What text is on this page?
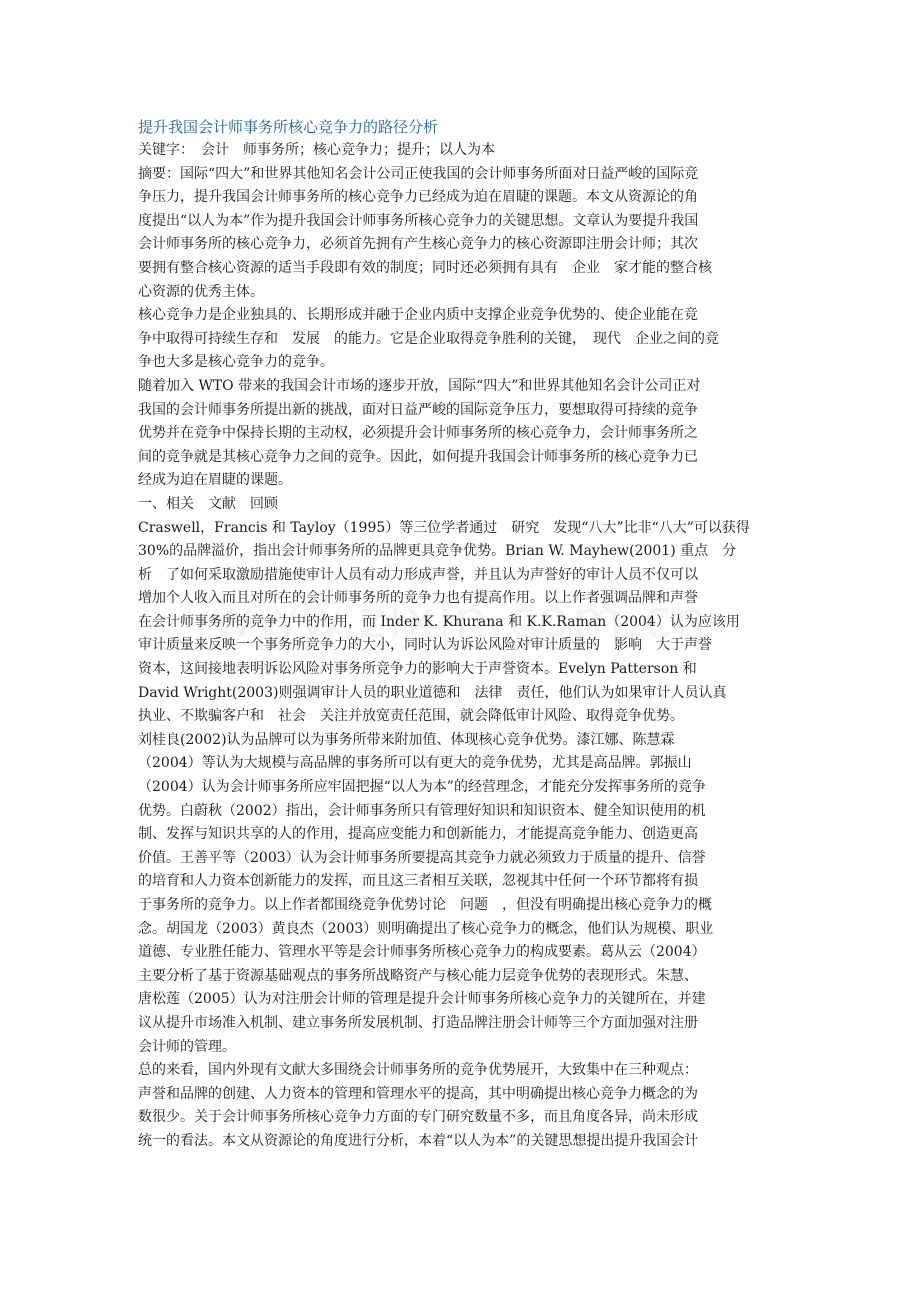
提升我国会计师事务所核心竞争力的路径分析

关键字：　会计　师事务所；核心竞争力；提升；以人为本

摘要：国际“四大”和世界其他知名会计公司正使我国的会计师事务所面对日益严峻的国际竞

争压力，提升我国会计师事务所的核心竞争力已经成为迫在眉睫的课题。本文从资源论的角

度提出“以人为本”作为提升我国会计师事务所核心竞争力的关键思想。文章认为要提升我国

会计师事务所的核心竞争力，必须首先拥有产生核心竞争力的核心资源即注册会计师；其次

要拥有整合核心资源的适当手段即有效的制度；同时还必须拥有具有　企业　家才能的整合核

心资源的优秀主体。

核心竞争力是企业独具的、长期形成并融于企业内质中支撑企业竞争优势的、使企业能在竞

争中取得可持续生存和　发展　的能力。它是企业取得竞争胜利的关键，　现代　企业之间的竞

争也大多是核心竞争力的竞争。

随着加入 WTO 带来的我国会计市场的逐步开放，国际“四大”和世界其他知名会计公司正对

我国的会计师事务所提出新的挑战，面对日益严峻的国际竞争压力，要想取得可持续的竞争

优势并在竞争中保持长期的主动权，必须提升会计师事务所的核心竞争力，会计师事务所之

间的竞争就是其核心竞争力之间的竞争。因此，如何提升我国会计师事务所的核心竞争力已

经成为迫在眉睫的课题。

一、相关　文献　回顾

Craswell，Francis 和 Tayloy（1995）等三位学者通过　研究　发现“八大”比非“八大”可以获得

30%的品牌溢价，指出会计师事务所的品牌更具竞争优势。Brian W. Mayhew(2001) 重点　分

析　了如何采取激励措施使审计人员有动力形成声誉，并且认为声誉好的审计人员不仅可以

增加个人收入而且对所在的会计师事务所的竞争力也有提高作用。以上作者强调品牌和声誉

在会计师事务所的竞争力中的作用，而 Inder K. Khurana 和 K.K.Raman（2004）认为应该用

审计质量来反映一个事务所竞争力的大小，同时认为诉讼风险对审计质量的　影响　大于声誉

资本，这间接地表明诉讼风险对事务所竞争力的影响大于声誉资本。Evelyn Patterson 和

David Wright(2003)则强调审计人员的职业道德和　法律　责任，他们认为如果审计人员认真

执业、不欺骗客户和　社会　关注并放宽责任范围，就会降低审计风险、取得竞争优势。

刘桂良(2002)认为品牌可以为事务所带来附加值、体现核心竞争优势。漆江娜、陈慧霖

（2004）等认为大规模与高品牌的事务所可以有更大的竞争优势，尤其是高品牌。郭振山

（2004）认为会计师事务所应牢固把握“以人为本”的经营理念，才能充分发挥事务所的竞争

优势。白蔚秋（2002）指出，会计师事务所只有管理好知识和知识资本、健全知识使用的机

制、发挥与知识共享的人的作用，提高应变能力和创新能力，才能提高竞争能力、创造更高

价值。王善平等（2003）认为会计师事务所要提高其竞争力就必须致力于质量的提升、信誉

的培育和人力资本创新能力的发挥，而且这三者相互关联，忽视其中任何一个环节都将有损

于事务所的竞争力。以上作者都围绕竞争优势讨论　问题　，但没有明确提出核心竞争力的概

念。胡国龙（2003）黄良杰（2003）则明确提出了核心竞争力的概念，他们认为规模、职业

道德、专业胜任能力、管理水平等是会计师事务所核心竞争力的构成要素。葛从云（2004）

主要分析了基于资源基础观点的事务所战略资产与核心能力层竞争优势的表现形式。朱慧、

唐松莲（2005）认为对注册会计师的管理是提升会计师事务所核心竞争力的关键所在，并建

议从提升市场准入机制、建立事务所发展机制、打造品牌注册会计师等三个方面加强对注册

会计师的管理。

总的来看，国内外现有文献大多围绕会计师事务所的竞争优势展开，大致集中在三种观点：

声誉和品牌的创建、人力资本的管理和管理水平的提高，其中明确提出核心竞争力概念的为

数很少。关于会计师事务所核心竞争力方面的专门研究数量不多，而且角度各异，尚未形成

统一的看法。本文从资源论的角度进行分析，本着“以人为本”的关键思想提出提升我国会计
